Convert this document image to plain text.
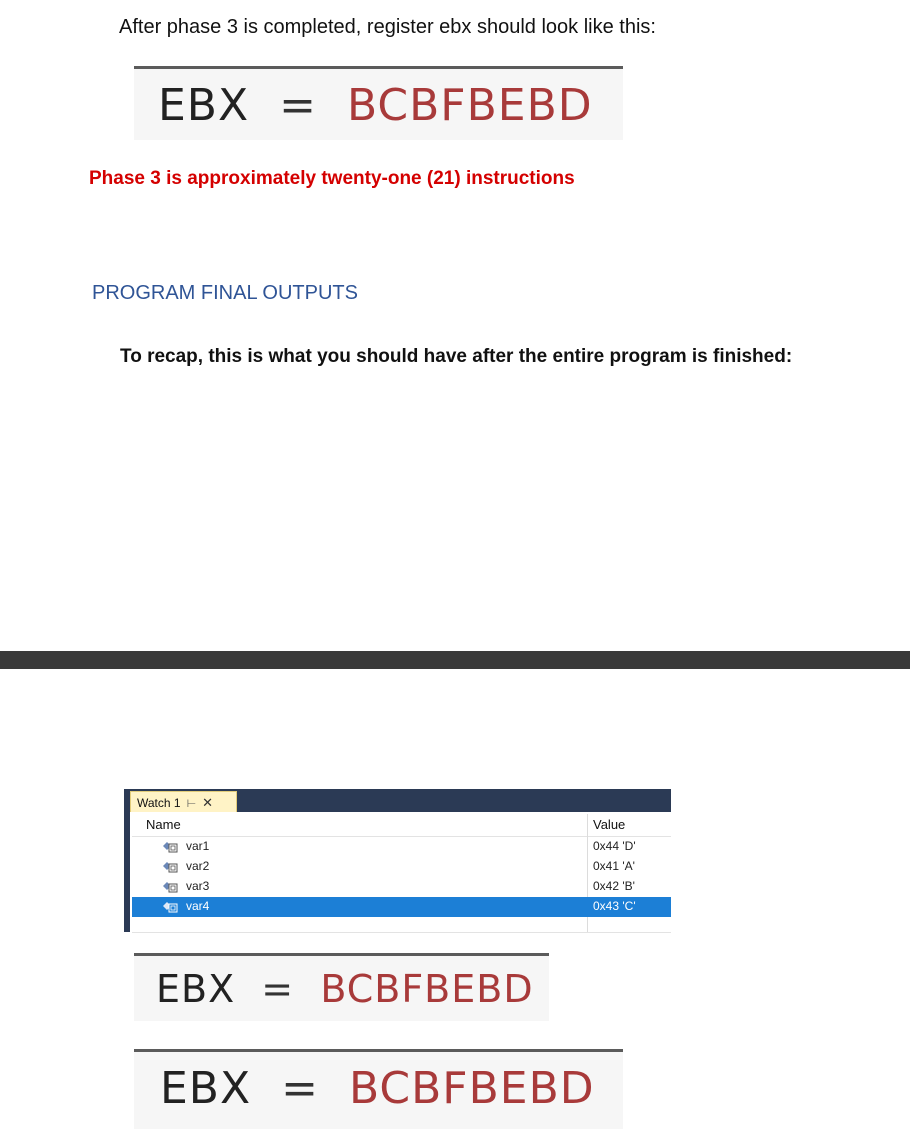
After phase 3 is completed, register ebx should look like this:
EBX = BCBFBEBD
Phase 3 is approximately twenty-one (21) instructions
PROGRAM FINAL OUTPUTS
To recap, this is what you should have after the entire program is finished:
Watch 1 ⊢ ✕
Name	Value
var1	0x44 'D'
var2	0x41 'A'
var3	0x42 'B'
var4	0x43 'C'
EBX = BCBFBEBD
EBX = BCBFBEBD
